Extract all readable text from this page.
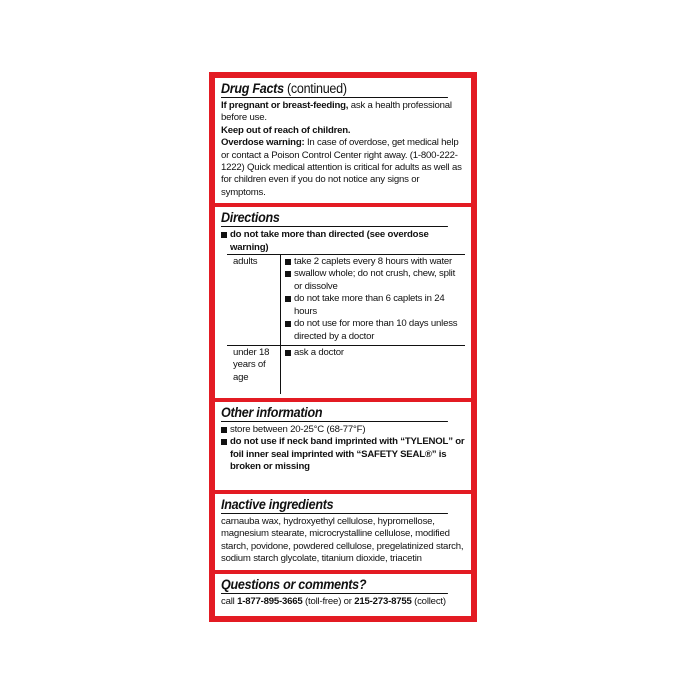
Drug Facts (continued)
If pregnant or breast-feeding, ask a health professional before use.
Keep out of reach of children.
Overdose warning: In case of overdose, get medical help or contact a Poison Control Center right away. (1-800-222-1222) Quick medical attention is critical for adults as well as for children even if you do not notice any signs or symptoms.
Directions
do not take more than directed (see overdose warning)
adults	take 2 caplets every 8 hours with water
swallow whole; do not crush, chew, split or dissolve
do not take more than 6 caplets in 24 hours
do not use for more than 10 days unless directed by a doctor
under 18 years of age
ask a doctor
Other information
store between 20-25°C (68-77°F)
do not use if neck band imprinted with “TYLENOL” or foil inner seal imprinted with “SAFETY SEAL®” is broken or missing
Inactive ingredients
carnauba wax, hydroxyethyl cellulose, hypromellose, magnesium stearate, microcrystalline cellulose, modified starch, povidone, powdered cellulose, pregelatinized starch, sodium starch glycolate, titanium dioxide, triacetin
Questions or comments?
call 1-877-895-3665 (toll-free) or 215-273-8755 (collect)
